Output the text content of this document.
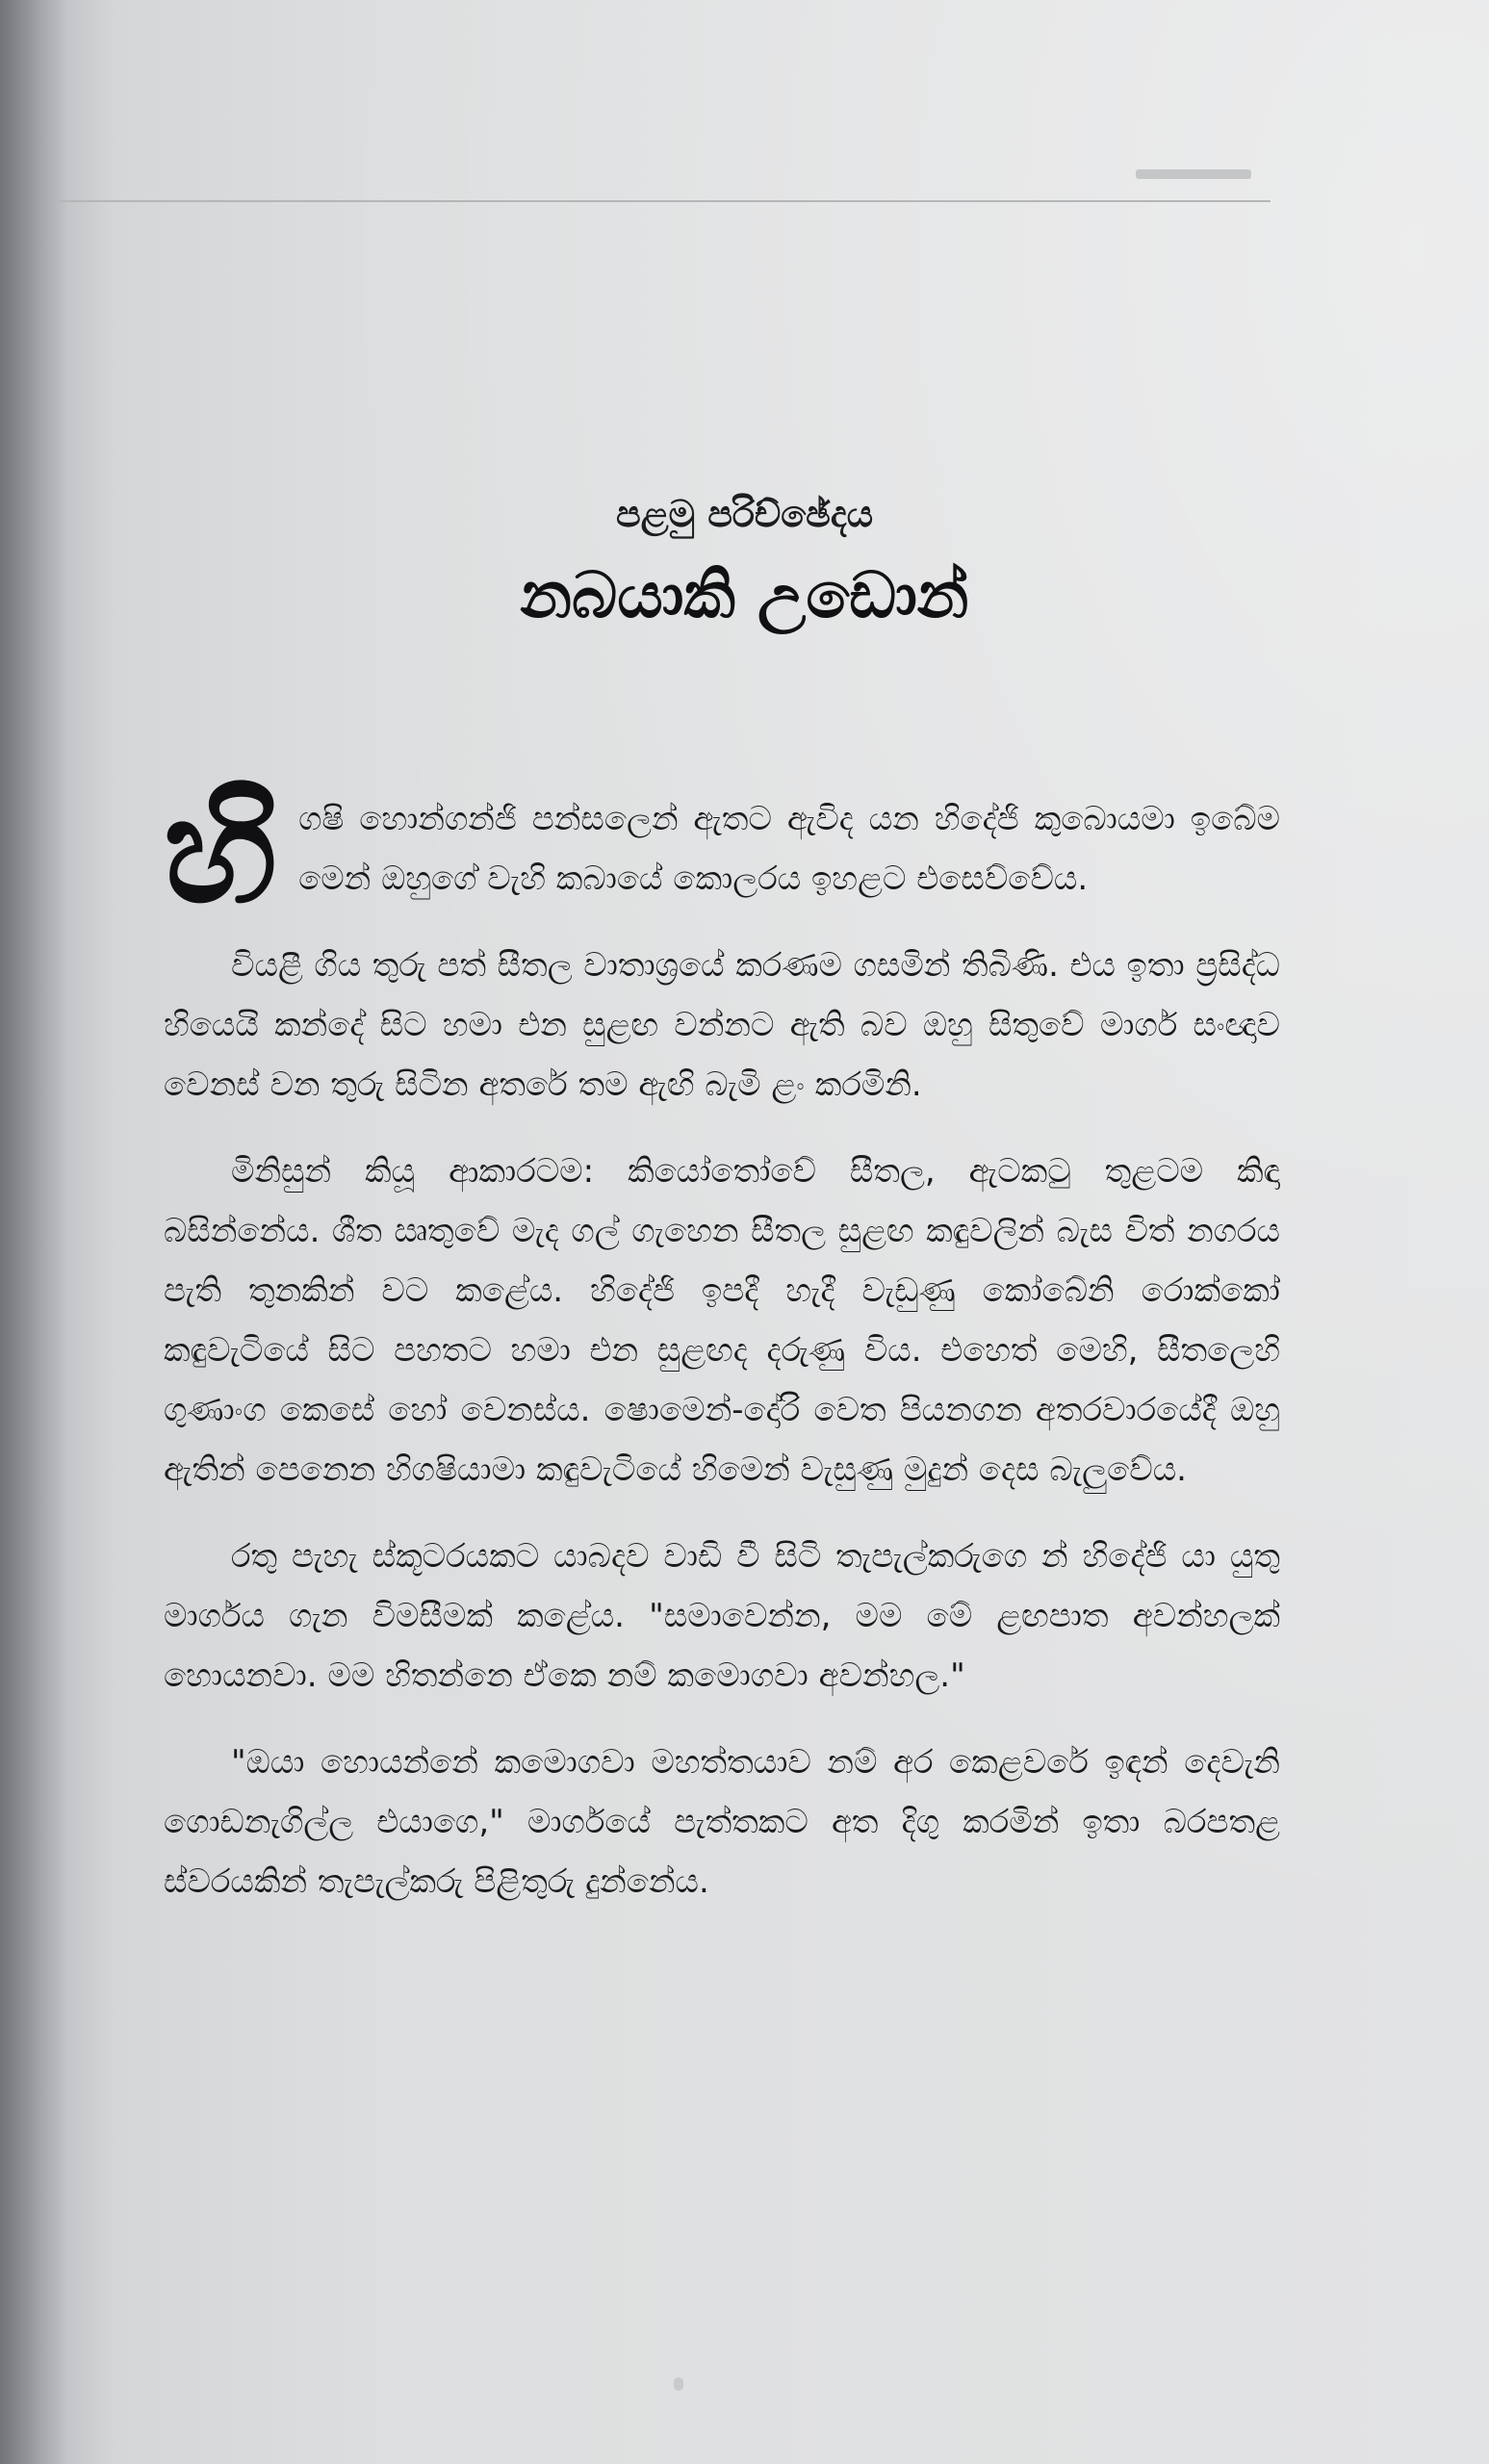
පළමු පරිච්ඡේදය
නබයාකි උඩොන්

හි ගෂි හොන්ගන්ජි පන්සලෙන් ඇතට ඇවිද යන හිදේජි කුබොයමා ඉබේම මෙන් ඔහුගේ වැහි කබායේ කොලරය ඉහළට එසෙව්වේය.

වියළී ගිය තුරු පත් සීතල වාතාශ්‍රයේ කරණම ගසමින් තිබිණි. එය ඉතා ප්‍රසිද්ධ හියෙයි කන්දේ සිට හමා එන සුළඟ වන්නට ඇති බව ඔහු සිතුවේ මාර්ග සංඥාව වෙනස් වන තුරු සිටින අතරේ තම ඇඟි බැමි ළං කරමිනි.

මිනිසුන් කියූ ආකාරටම: කියෝතෝවේ සීතල, ඇටකටු තුළටම කිඳා බසින්නේය. ශීත ඍතුවේ මැද ගල් ගැහෙන සීතල සුළඟ කඳුවලින් බැස විත් නගරය පැති තුනකින් වට කළේය. හිදේජි ඉපදී හැදී වැඩුණු කෝබේනි රොක්කෝ කඳුවැටියේ සිට පහතට හමා එන සුළඟද දරුණු විය. එහෙත් මෙහි, සීතලෙහි ගුණාංග කෙසේ හෝ වෙනස්ය. ෂොමෙන්-දෝරි වෙත පියනගන අතරවාරයේදී ඔහු ඇතින් පෙනෙන හිගෂියාමා කඳුවැටියේ හිමෙන් වැසුණු මුදුන් දෙස බැලුවේය.

රතු පැහැ ස්කූටරයකට යාබදව වාඩි වී සිටි තැපැල්කරුගෙ න් හිදේජි යා යුතු මාර්ගය ගැන විමසීමක් කළේය. "සමාවෙන්න, මම මේ ළඟපාත අවන්හලක් හොයනවා. මම හිතන්නෙ ඒකෙ නම් කමොගවා අවන්හල."

"ඔයා හොයන්නේ කමොගවා මහත්තයාව නම් අර කෙළවරේ ඉඳන් දෙවැනි ගොඩනැගිල්ල එයාගෙ," මාර්ගයේ පැත්තකට අත දිගු කරමින් ඉතා බරපතළ ස්වරයකින් තැපැල්කරු පිළිතුරු දුන්නේය.
